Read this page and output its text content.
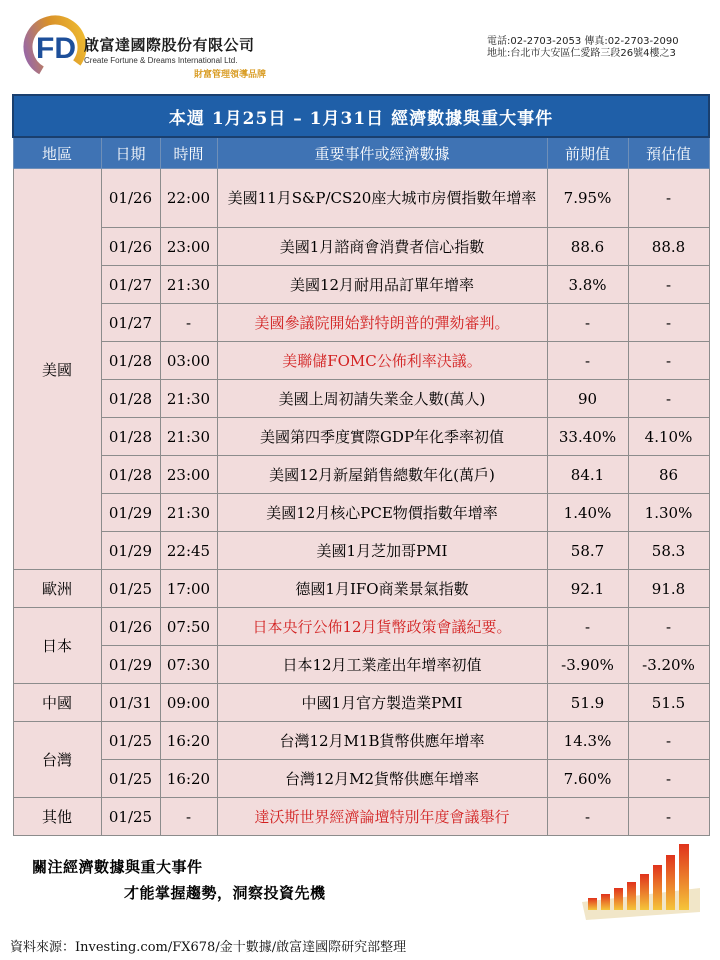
FD 啟富達國際股份有限公司
Create Fortune & Dreams International Ltd.
財富管理領導品牌
電話:02-2703-2053 傳真:02-2703-2090
地址:台北市大安區仁愛路三段26號4樓之3
本週 1月25日 – 1月31日 經濟數據與重大事件					
地區	日期	時間	重要事件或經濟數據	前期值	預估值
美國	01/26	22:00	美國11月S&P/CS20座大城市房價指數年增率	7.95%	-
	01/26	23:00	美國1月諮商會消費者信心指數	88.6	88.8
	01/27	21:30	美國12月耐用品訂單年增率	3.8%	-
	01/27	-	美國參議院開始對特朗普的彈劾審判。	-	-
	01/28	03:00	美聯儲FOMC公佈利率決議。	-	-
	01/28	21:30	美國上周初請失業金人數(萬人)	90	-
	01/28	21:30	美國第四季度實際GDP年化季率初值	33.40%	4.10%
	01/28	23:00	美國12月新屋銷售總數年化(萬戶)	84.1	86
	01/29	21:30	美國12月核心PCE物價指數年增率	1.40%	1.30%
	01/29	22:45	美國1月芝加哥PMI	58.7	58.3
歐洲	01/25	17:00	德國1月IFO商業景氣指數	92.1	91.8
日本	01/26	07:50	日本央行公佈12月貨幣政策會議紀要。	-	-
	01/29	07:30	日本12月工業產出年增率初值	-3.90%	-3.20%
中國	01/31	09:00	中國1月官方製造業PMI	51.9	51.5
台灣	01/25	16:20	台灣12月M1B貨幣供應年增率	14.3%	-
	01/25	16:20	台灣12月M2貨幣供應年增率	7.60%	-
其他	01/25	-	達沃斯世界經濟論壇特別年度會議舉行	-	-
關注經濟數據與重大事件
才能掌握趨勢，洞察投資先機
資料來源：Investing.com/FX678/金十數據/啟富達國際研究部整理
